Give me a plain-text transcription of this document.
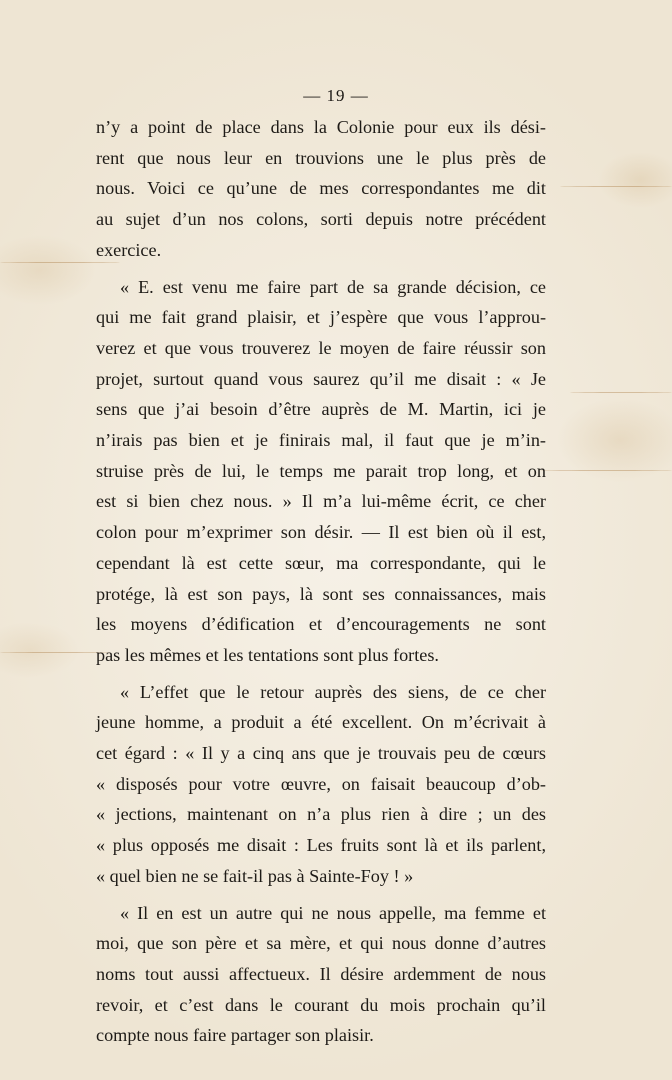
— 19 —
n’y a point de place dans la Colonie pour eux ils dési-
rent que nous leur en trouvions une le plus près de
nous. Voici ce qu’une de mes correspondantes me dit
au sujet d’un nos colons, sorti depuis notre précédent
exercice.
« E. est venu me faire part de sa grande décision, ce
qui me fait grand plaisir, et j’espère que vous l’approu-
verez et que vous trouverez le moyen de faire réussir son
projet, surtout quand vous saurez qu’il me disait : « Je
sens que j’ai besoin d’être auprès de M. Martin, ici je
n’irais pas bien et je finirais mal, il faut que je m’in-
struise près de lui, le temps me parait trop long, et on
est si bien chez nous. » Il m’a lui-même écrit, ce cher
colon pour m’exprimer son désir. — Il est bien où il est,
cependant là est cette sœur, ma correspondante, qui le
protége, là est son pays, là sont ses connaissances, mais
les moyens d’édification et d’encouragements ne sont
pas les mêmes et les tentations sont plus fortes.
« L’effet que le retour auprès des siens, de ce cher
jeune homme, a produit a été excellent. On m’écrivait à
cet égard : « Il y a cinq ans que je trouvais peu de cœurs
« disposés pour votre œuvre, on faisait beaucoup d’ob-
« jections, maintenant on n’a plus rien à dire ; un des
« plus opposés me disait : Les fruits sont là et ils parlent,
« quel bien ne se fait-il pas à Sainte-Foy ! »
« Il en est un autre qui ne nous appelle, ma femme et
moi, que son père et sa mère, et qui nous donne d’autres
noms tout aussi affectueux. Il désire ardemment de nous
revoir, et c’est dans le courant du mois prochain qu’il
compte nous faire partager son plaisir.
